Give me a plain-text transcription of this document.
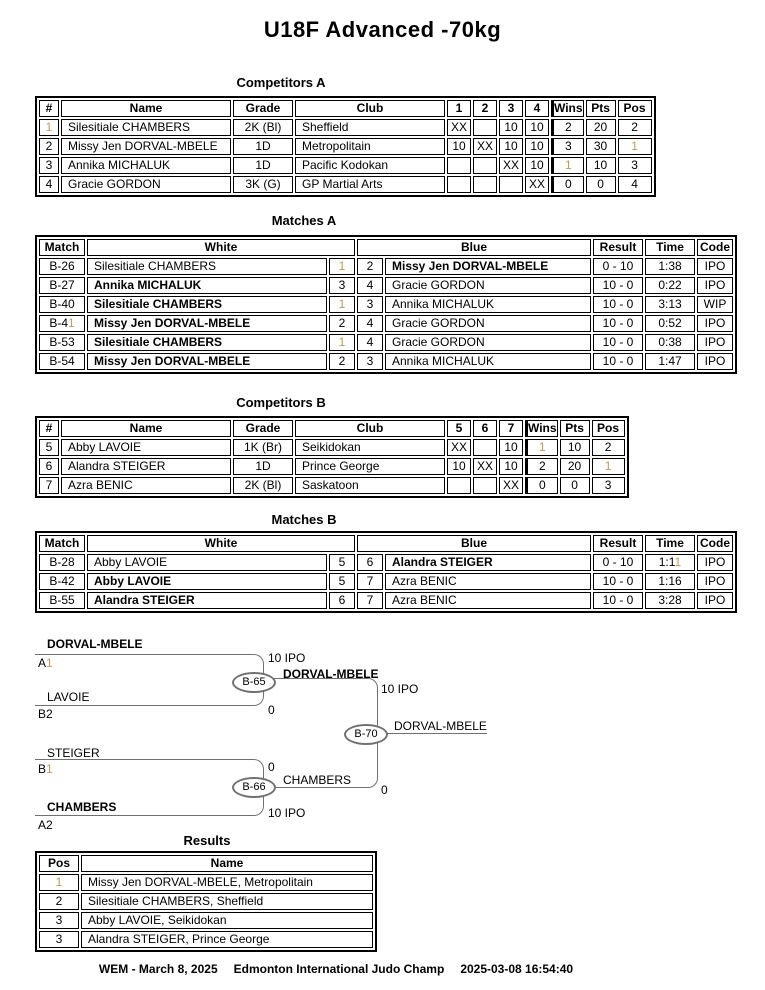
U18F Advanced -70kg
Competitors A
#	Name	Grade	Club	1	2	3	4	Wins	Pts	Pos
1	Silesitiale CHAMBERS	2K (Bl)	Sheffield	XX		10	10	2	20	2
2	Missy Jen DORVAL-MBELE	1D	Metropolitain	10	XX	10	10	3	30	1
3	Annika MICHALUK	1D	Pacific Kodokan			XX	10	1	10	3
4	Gracie GORDON	3K (G)	GP Martial Arts				XX	0	0	4
Matches A
Match	White		Blue		Result	Time	Code
B-26	Silesitiale CHAMBERS	1	2	Missy Jen DORVAL-MBELE	0 - 10	1:38	IPO
B-27	Annika MICHALUK	3	4	Gracie GORDON	10 - 0	0:22	IPO
B-40	Silesitiale CHAMBERS	1	3	Annika MICHALUK	10 - 0	3:13	WIP
B-41	Missy Jen DORVAL-MBELE	2	4	Gracie GORDON	10 - 0	0:52	IPO
B-53	Silesitiale CHAMBERS	1	4	Gracie GORDON	10 - 0	0:38	IPO
B-54	Missy Jen DORVAL-MBELE	2	3	Annika MICHALUK	10 - 0	1:47	IPO
Competitors B
#	Name	Grade	Club	5	6	7	Wins	Pts	Pos
5	Abby LAVOIE	1K (Br)	Seikidokan	XX		10	1	10	2
6	Alandra STEIGER	1D	Prince George	10	XX	10	2	20	1
7	Azra BENIC	2K (Bl)	Saskatoon			XX	0	0	3
Matches B
Match	White		Blue		Result	Time	Code
B-28	Abby LAVOIE	5	6	Alandra STEIGER	0 - 10	1:11	IPO
B-42	Abby LAVOIE	5	7	Azra BENIC	10 - 0	1:16	IPO
B-55	Alandra STEIGER	6	7	Azra BENIC	10 - 0	3:28	IPO
DORVAL-MBELE
A1	10 IPO
LAVOIE
B2	0
B-65
DORVAL-MBELE
10 IPO
STEIGER
B1	0
CHAMBERS
A2
10 IPO
B-66	CHAMBERS
0
B-70
DORVAL-MBELE
Results
Pos	Name
1	Missy Jen DORVAL-MBELE, Metropolitain
2	Silesitiale CHAMBERS, Sheffield
3	Abby LAVOIE, Seikidokan
3	Alandra STEIGER, Prince George
WEM - March 8, 2025 Edmonton International Judo Champ 2025-03-08 16:54:40
